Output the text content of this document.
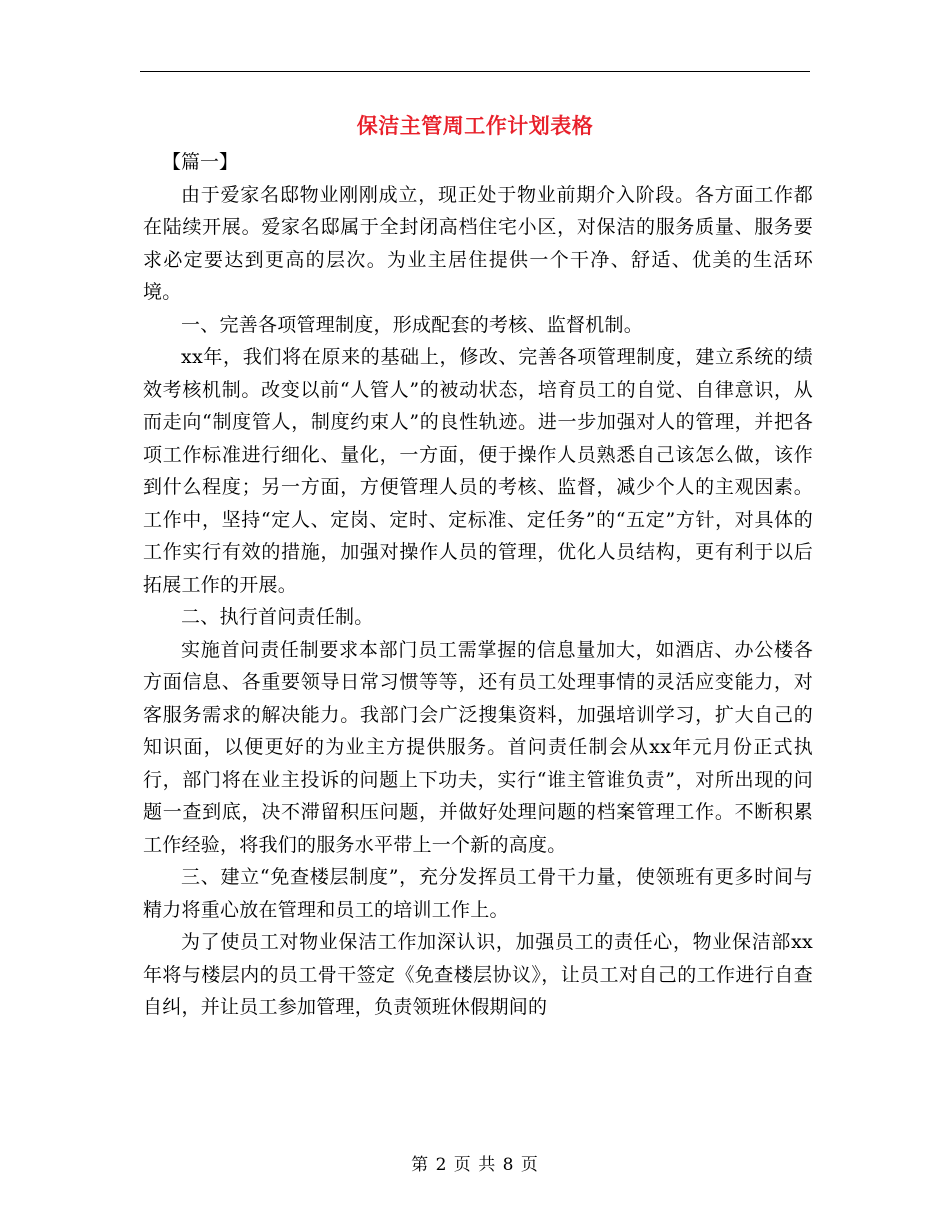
保洁主管周工作计划表格

【篇一】

由于爱家名邸物业刚刚成立，现正处于物业前期介入阶段。各方面工作都在陆续开展。爱家名邸属于全封闭高档住宅小区，对保洁的服务质量、服务要求必定要达到更高的层次。为业主居住提供一个干净、舒适、优美的生活环境。

一、完善各项管理制度，形成配套的考核、监督机制。

xx年，我们将在原来的基础上，修改、完善各项管理制度，建立系统的绩效考核机制。改变以前“人管人”的被动状态，培育员工的自觉、自律意识，从而走向“制度管人，制度约束人”的良性轨迹。进一步加强对人的管理，并把各项工作标准进行细化、量化，一方面，便于操作人员熟悉自己该怎么做，该作到什么程度；另一方面，方便管理人员的考核、监督，减少个人的主观因素。工作中，坚持“定人、定岗、定时、定标准、定任务”的“五定”方针，对具体的工作实行有效的措施，加强对操作人员的管理，优化人员结构，更有利于以后拓展工作的开展。

二、执行首问责任制。

实施首问责任制要求本部门员工需掌握的信息量加大，如酒店、办公楼各方面信息、各重要领导日常习惯等等，还有员工处理事情的灵活应变能力，对客服务需求的解决能力。我部门会广泛搜集资料，加强培训学习，扩大自己的知识面，以便更好的为业主方提供服务。首问责任制会从xx年元月份正式执行，部门将在业主投诉的问题上下功夫，实行“谁主管谁负责”，对所出现的问题一查到底，决不滞留积压问题，并做好处理问题的档案管理工作。不断积累工作经验，将我们的服务水平带上一个新的高度。

三、建立“免查楼层制度”，充分发挥员工骨干力量，使领班有更多时间与精力将重心放在管理和员工的培训工作上。

为了使员工对物业保洁工作加深认识，加强员工的责任心，物业保洁部xx年将与楼层内的员工骨干签定《免查楼层协议》，让员工对自己的工作进行自查自纠，并让员工参加管理，负责领班休假期间的

第 2 页 共 8 页
